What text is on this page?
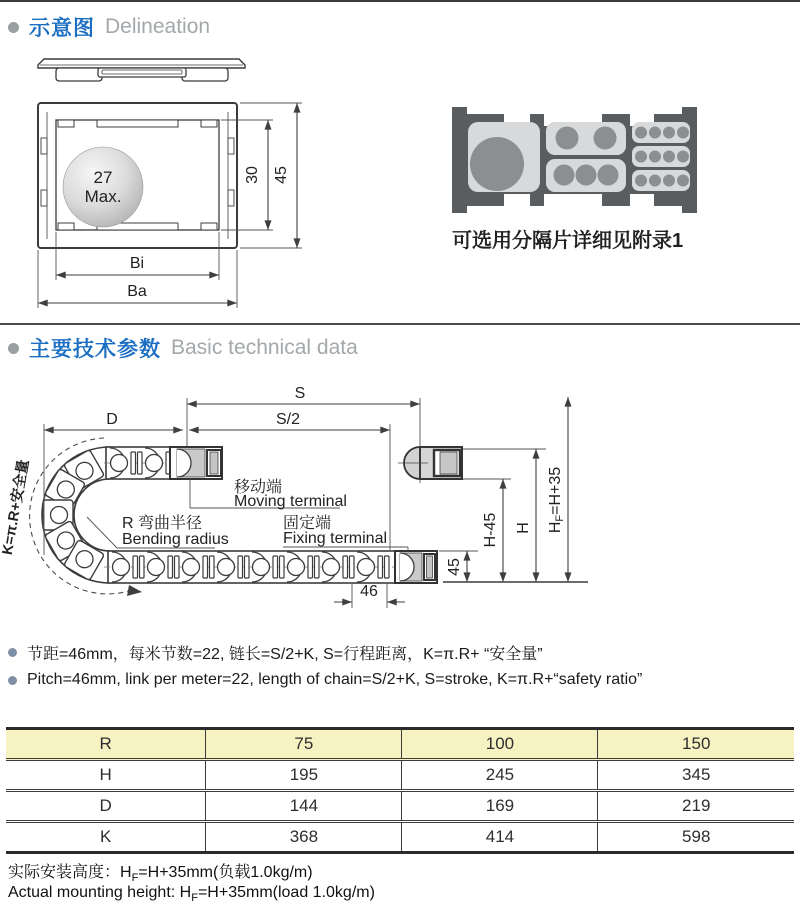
示意图 Delineation
27
Max.
30 45
Bi
Ba
可选用分隔片详细见附录1
主要技术参数 Basic technical data
S
S/2
D
K=π.R+安全量	移动端
Moving terminal
固定端
Fixing terminal
R 弯曲半径
Bending radius
46
45
H-45 H HF=H+35
节距=46mm，每米节数=22, 链长=S/2+K, S=行程距离，K=π.R+ “安全量”
Pitch=46mm, link per meter=22, length of chain=S/2+K, S=stroke, K=π.R+“safety ratio”
R	75	100	150
H	195	245	345
D	144	169	219
K	368	414	598
实际安装高度：$H_F=H+35mm$(负载1.0kg/m)
Actual mounting height: $H_F=H+35mm(load$ 1.0kg/m)
